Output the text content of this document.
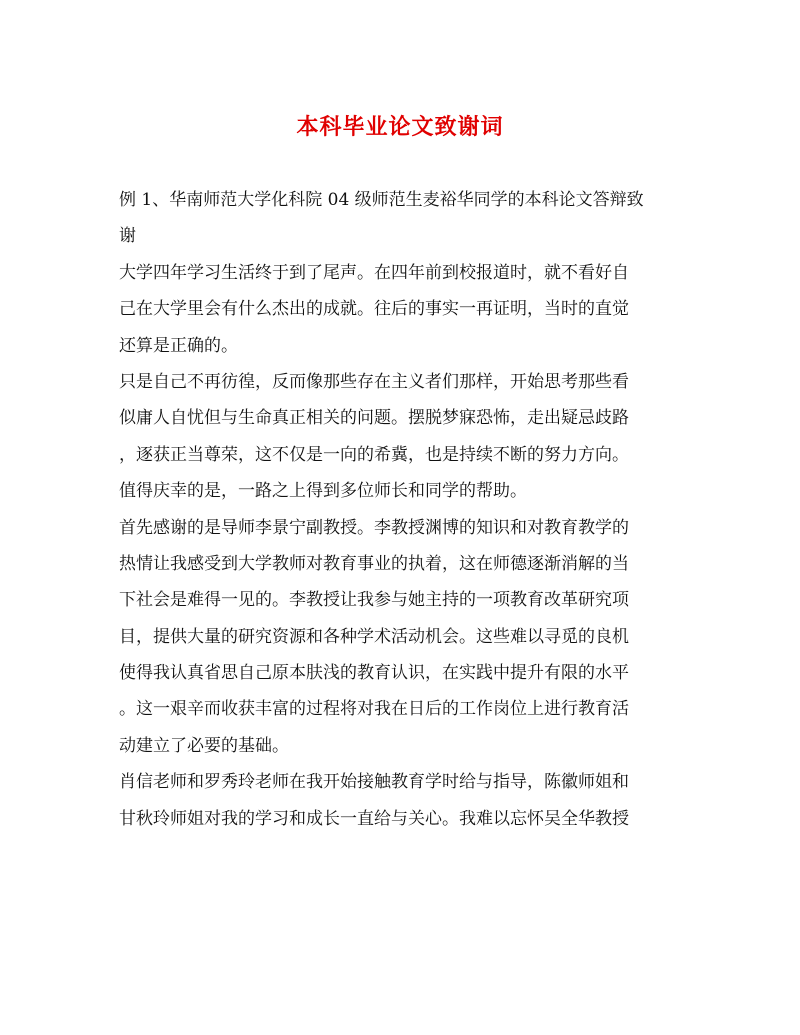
本科毕业论文致谢词
例 1、华南师范大学化科院 04 级师范生麦裕华同学的本科论文答辩致
谢
大学四年学习生活终于到了尾声。在四年前到校报道时，就不看好自
己在大学里会有什么杰出的成就。往后的事实一再证明，当时的直觉
还算是正确的。
只是自己不再彷徨，反而像那些存在主义者们那样，开始思考那些看
似庸人自忧但与生命真正相关的问题。摆脱梦寐恐怖，走出疑忌歧路
，逐获正当尊荣，这不仅是一向的希冀，也是持续不断的努力方向。
值得庆幸的是，一路之上得到多位师长和同学的帮助。
首先感谢的是导师李景宁副教授。李教授渊博的知识和对教育教学的
热情让我感受到大学教师对教育事业的执着，这在师德逐渐消解的当
下社会是难得一见的。李教授让我参与她主持的一项教育改革研究项
目，提供大量的研究资源和各种学术活动机会。这些难以寻觅的良机
使得我认真省思自己原本肤浅的教育认识，在实践中提升有限的水平
。这一艰辛而收获丰富的过程将对我在日后的工作岗位上进行教育活
动建立了必要的基础。
肖信老师和罗秀玲老师在我开始接触教育学时给与指导，陈徽师姐和
甘秋玲师姐对我的学习和成长一直给与关心。我难以忘怀吴全华教授
